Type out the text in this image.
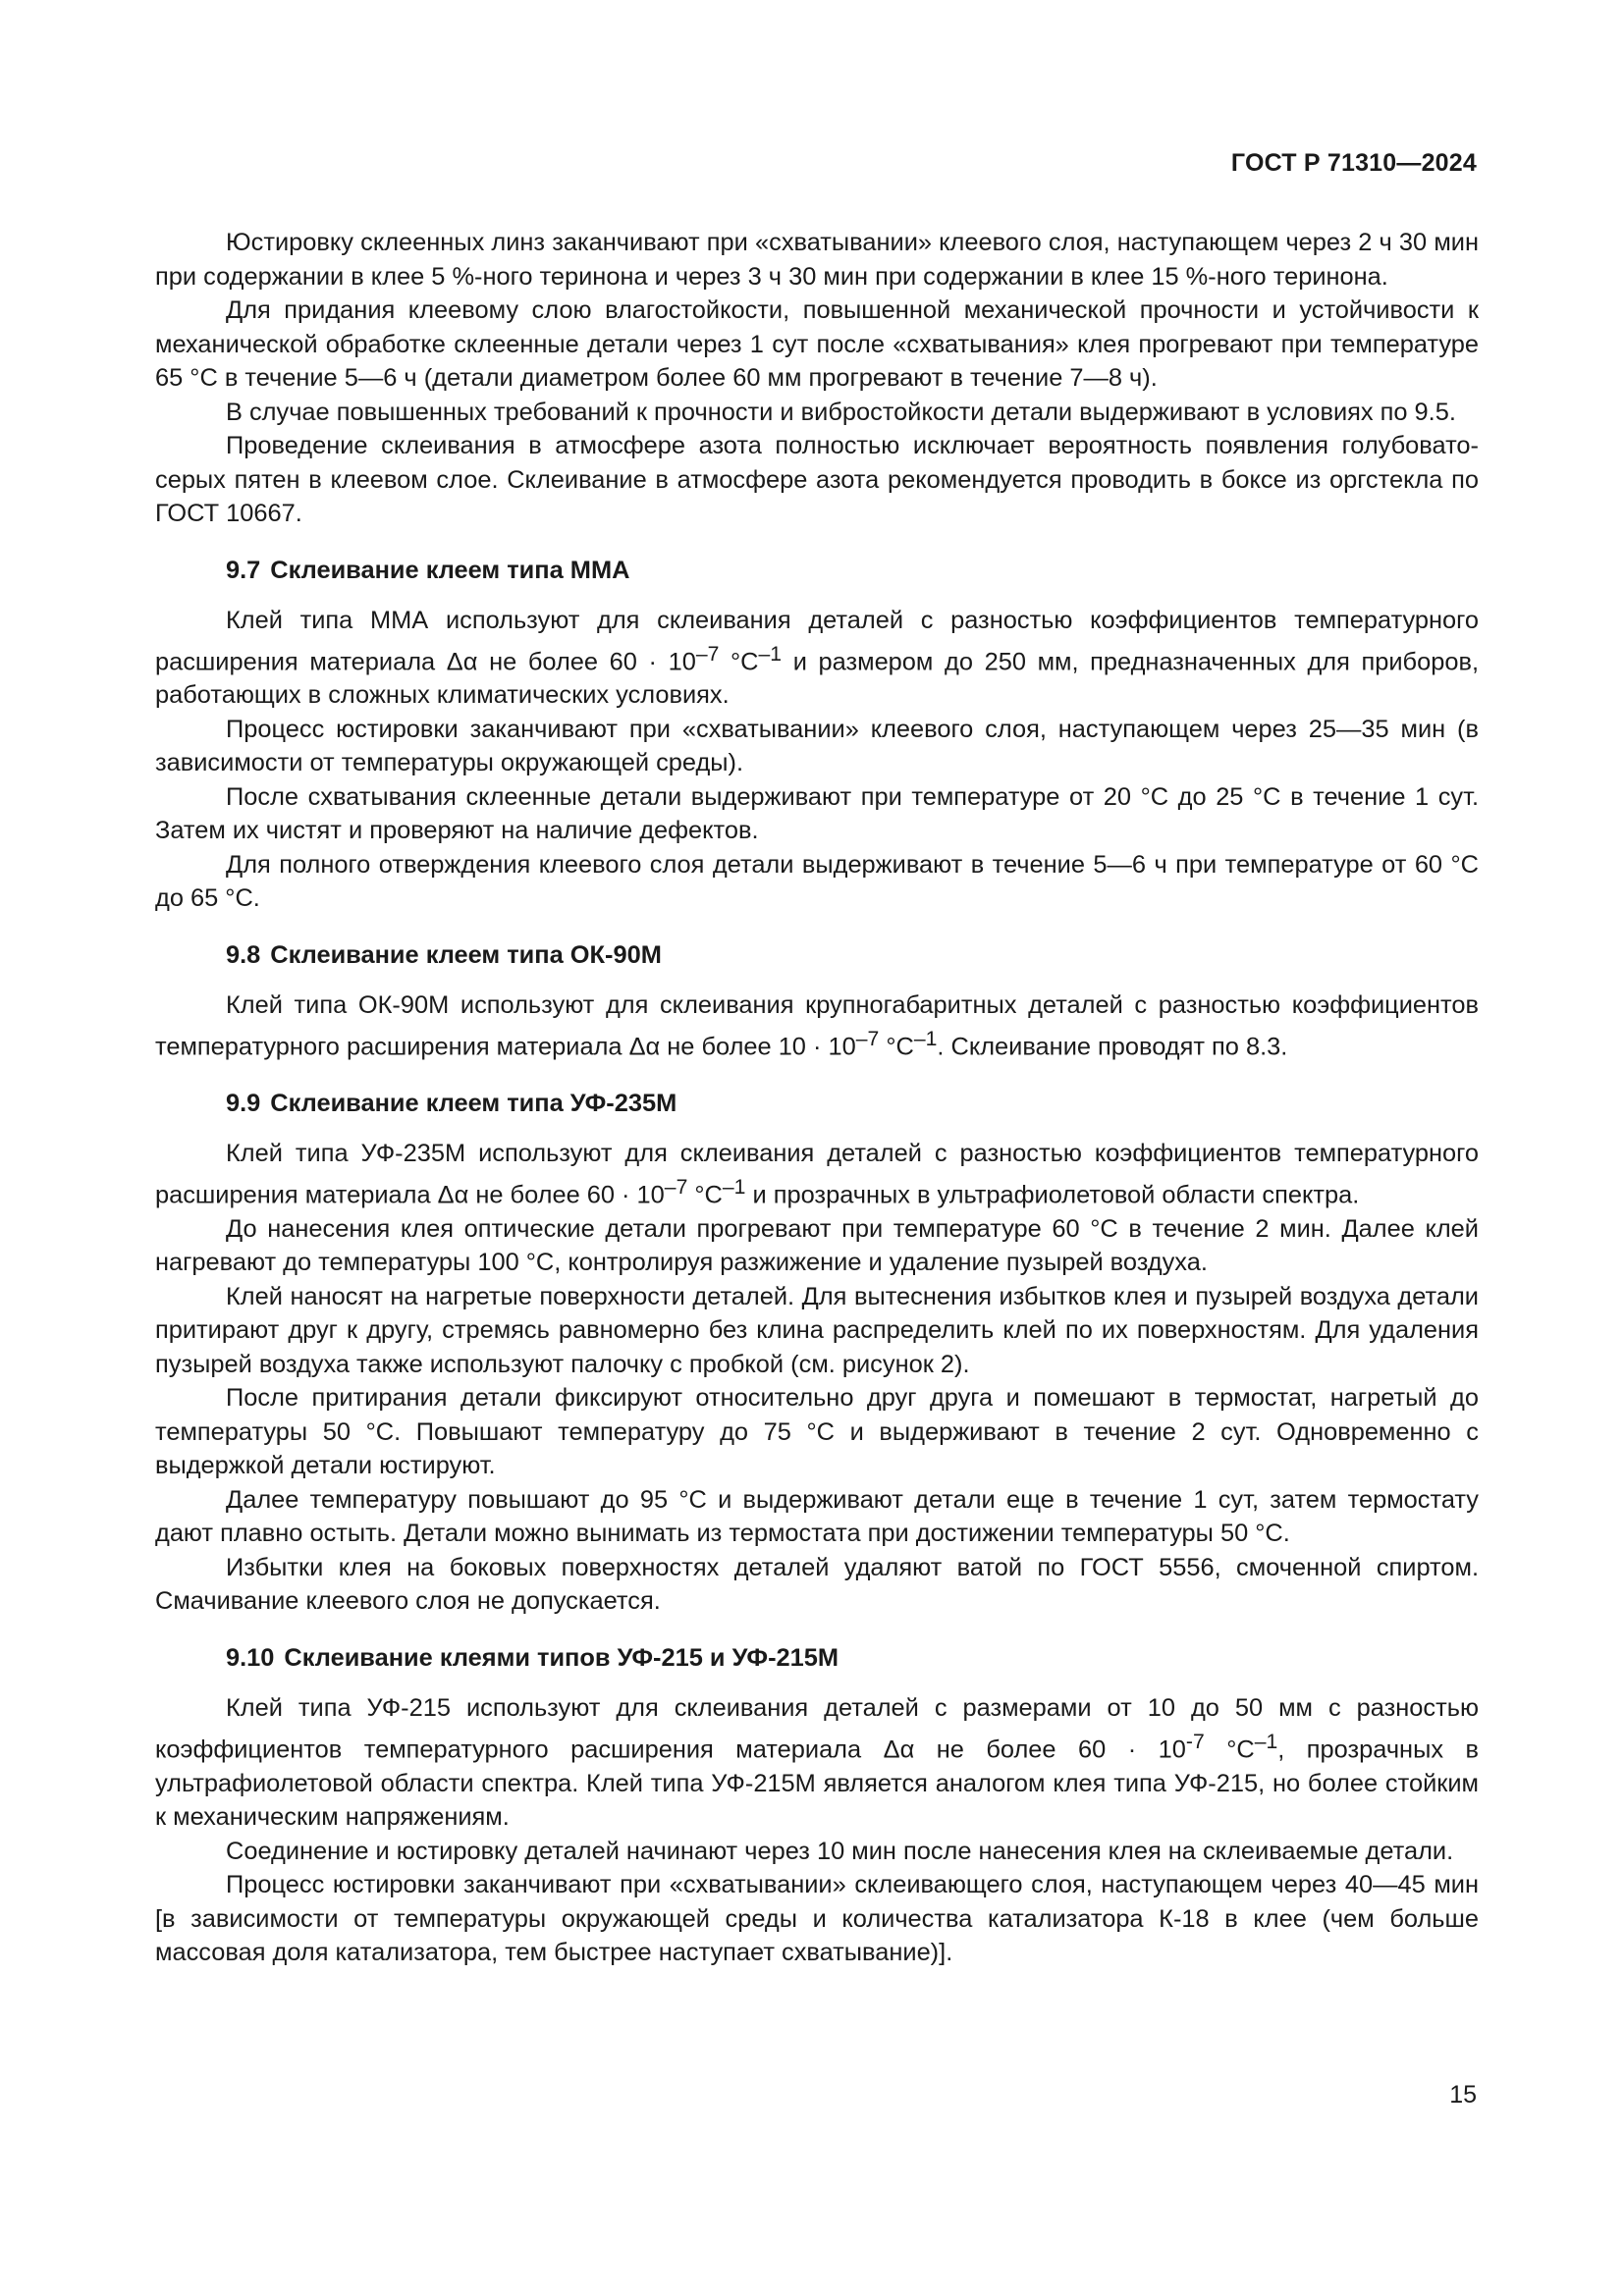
ГОСТ Р 71310—2024

Юстировку склеенных линз заканчивают при «схватывании» клеевого слоя, наступающем через 2 ч 30 мин при содержании в клее 5 %-ного теринона и через 3 ч 30 мин при содержании в клее 15 %-ного теринона.

Для придания клеевому слою влагостойкости, повышенной механической прочности и устойчивости к механической обработке склеенные детали через 1 сут после «схватывания» клея прогревают при температуре 65 °С в течение 5—6 ч (детали диаметром более 60 мм прогревают в течение 7—8 ч).

В случае повышенных требований к прочности и вибростойкости детали выдерживают в условиях по 9.5.

Проведение склеивания в атмосфере азота полностью исключает вероятность появления голубовато-серых пятен в клеевом слое. Склеивание в атмосфере азота рекомендуется проводить в боксе из оргстекла по ГОСТ 10667.

9.7 Склеивание клеем типа ММА

Клей типа ММА используют для склеивания деталей с разностью коэффициентов температурного расширения материала Δα не более $60 \cdot 10^{-7}$ $^\circ С^{-1}$ и размером до 250 мм, предназначенных для приборов, работающих в сложных климатических условиях.

Процесс юстировки заканчивают при «схватывании» клеевого слоя, наступающем через 25—35 мин (в зависимости от температуры окружающей среды).

После схватывания склеенные детали выдерживают при температуре от 20 °С до 25 °С в течение 1 сут. Затем их чистят и проверяют на наличие дефектов.

Для полного отверждения клеевого слоя детали выдерживают в течение 5—6 ч при температуре от 60 °С до 65 °С.

9.8 Склеивание клеем типа ОК-90М

Клей типа ОК-90М используют для склеивания крупногабаритных деталей с разностью коэффициентов температурного расширения материала Δα не более $10 \cdot 10^{-7}$ $^\circ С^{-1}$. Склеивание проводят по 8.3.

9.9 Склеивание клеем типа УФ-235М

Клей типа УФ-235М используют для склеивания деталей с разностью коэффициентов температурного расширения материала Δα не более $60 \cdot 10^{-7}$ $^\circ С^{-1}$ и прозрачных в ультрафиолетовой области спектра.

До нанесения клея оптические детали прогревают при температуре 60 °С в течение 2 мин. Далее клей нагревают до температуры 100 °С, контролируя разжижение и удаление пузырей воздуха.

Клей наносят на нагретые поверхности деталей. Для вытеснения избытков клея и пузырей воздуха детали притирают друг к другу, стремясь равномерно без клина распределить клей по их поверхностям. Для удаления пузырей воздуха также используют палочку с пробкой (см. рисунок 2).

После притирания детали фиксируют относительно друг друга и помешают в термостат, нагретый до температуры 50 °С. Повышают температуру до 75 °С и выдерживают в течение 2 сут. Одновременно с выдержкой детали юстируют.

Далее температуру повышают до 95 °С и выдерживают детали еще в течение 1 сут, затем термостату дают плавно остыть. Детали можно вынимать из термостата при достижении температуры 50 °С.

Избытки клея на боковых поверхностях деталей удаляют ватой по ГОСТ 5556, смоченной спиртом. Смачивание клеевого слоя не допускается.

9.10 Склеивание клеями типов УФ-215 и УФ-215М

Клей типа УФ-215 используют для склеивания деталей с размерами от 10 до 50 мм с разностью коэффициентов температурного расширения материала Δα не более $60 \cdot 10^{-7}$ $^\circ С^{-1}$, прозрачных в ультрафиолетовой области спектра. Клей типа УФ-215М является аналогом клея типа УФ-215, но более стойким к механическим напряжениям.

Соединение и юстировку деталей начинают через 10 мин после нанесения клея на склеиваемые детали.

Процесс юстировки заканчивают при «схватывании» склеивающего слоя, наступающем через 40—45 мин [в зависимости от температуры окружающей среды и количества катализатора К-18 в клее (чем больше массовая доля катализатора, тем быстрее наступает схватывание)].

15
